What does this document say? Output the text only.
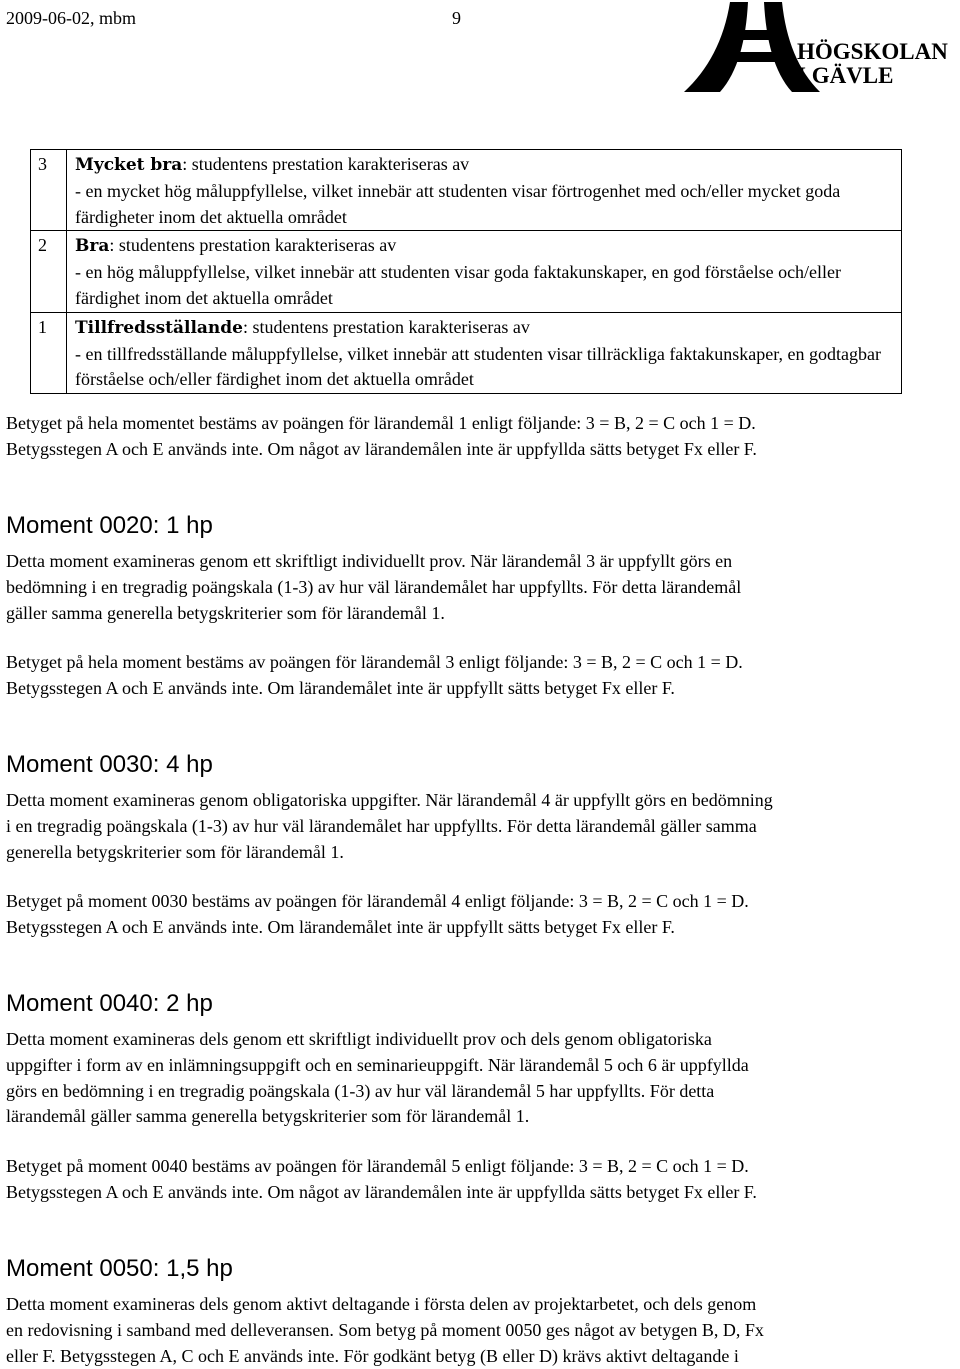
2009-06-02, mbm	9
HÖGSKOLAN
I GÄVLE
3	Mycket bra: studentens prestation karakteriseras av
- en mycket hög måluppfyllelse, vilket innebär att studenten visar förtrogenhet med och/eller mycket goda färdigheter inom det aktuella området
2	Bra: studentens prestation karakteriseras av
- en hög måluppfyllelse, vilket innebär att studenten visar goda faktakunskaper, en god förståelse och/eller färdighet inom det aktuella området
1	Tillfredsställande: studentens prestation karakteriseras av
- en tillfredsställande måluppfyllelse, vilket innebär att studenten visar tillräckliga faktakunskaper, en godtagbar förståelse och/eller färdighet inom det aktuella området

Betyget på hela momentet bestäms av poängen för lärandemål 1 enligt följande: 3 = B, 2 = C och 1 = D.

Betygsstegen A och E används inte. Om något av lärandemålen inte är uppfyllda sätts betyget Fx eller F.

Moment 0020: 1 hp

Detta moment examineras genom ett skriftligt individuellt prov. När lärandemål 3 är uppfyllt görs en

bedömning i en tregradig poängskala (1-3) av hur väl lärandemålet har uppfyllts. För detta lärandemål

gäller samma generella betygskriterier som för lärandemål 1.

Betyget på hela moment bestäms av poängen för lärandemål 3 enligt följande: 3 = B, 2 = C och 1 = D.

Betygsstegen A och E används inte. Om lärandemålet inte är uppfyllt sätts betyget Fx eller F.

Moment 0030: 4 hp

Detta moment examineras genom obligatoriska uppgifter. När lärandemål 4 är uppfyllt görs en bedömning

i en tregradig poängskala (1-3) av hur väl lärandemålet har uppfyllts. För detta lärandemål gäller samma

generella betygskriterier som för lärandemål 1.

Betyget på moment 0030 bestäms av poängen för lärandemål 4 enligt följande: 3 = B, 2 = C och 1 = D.

Betygsstegen A och E används inte. Om lärandemålet inte är uppfyllt sätts betyget Fx eller F.

Moment 0040: 2 hp

Detta moment examineras dels genom ett skriftligt individuellt prov och dels genom obligatoriska

uppgifter i form av en inlämningsuppgift och en seminarieuppgift. När lärandemål 5 och 6 är uppfyllda

görs en bedömning i en tregradig poängskala (1-3) av hur väl lärandemål 5 har uppfyllts. För detta

lärandemål gäller samma generella betygskriterier som för lärandemål 1.

Betyget på moment 0040 bestäms av poängen för lärandemål 5 enligt följande: 3 = B, 2 = C och 1 = D.

Betygsstegen A och E används inte. Om något av lärandemålen inte är uppfyllda sätts betyget Fx eller F.

Moment 0050: 1,5 hp

Detta moment examineras dels genom aktivt deltagande i första delen av projektarbetet, och dels genom

en redovisning i samband med delleveransen. Som betyg på moment 0050 ges något av betygen B, D, Fx

eller F. Betygsstegen A, C och E används inte. För godkänt betyg (B eller D) krävs aktivt deltagande i
